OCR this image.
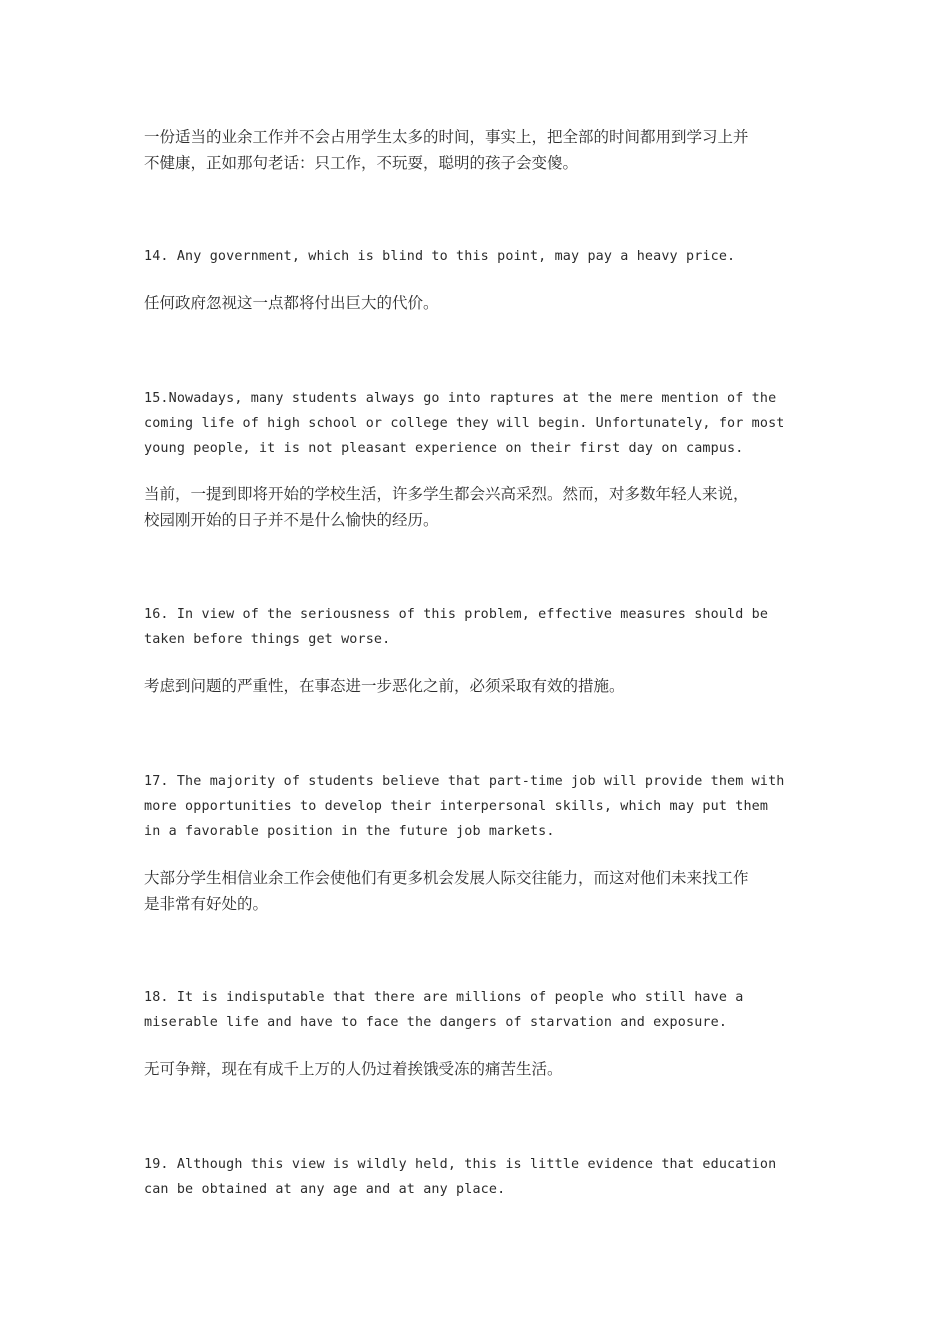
一份适当的业余工作并不会占用学生太多的时间，事实上，把全部的时间都用到学习上并
不健康，正如那句老话：只工作，不玩耍，聪明的孩子会变傻。

14. Any government, which is blind to this point, may pay a heavy price.

任何政府忽视这一点都将付出巨大的代价。

15.Nowadays, many students always go into raptures at the mere mention of the
coming life of high school or college they will begin. Unfortunately, for most
young people, it is not pleasant experience on their first day on campus.

当前，一提到即将开始的学校生活，许多学生都会兴高采烈。然而，对多数年轻人来说，
校园刚开始的日子并不是什么愉快的经历。

16. In view of the seriousness of this problem, effective measures should be
taken before things get worse.

考虑到问题的严重性，在事态进一步恶化之前，必须采取有效的措施。

17. The majority of students believe that part-time job will provide them with
more opportunities to develop their interpersonal skills, which may put them
in a favorable position in the future job markets.

大部分学生相信业余工作会使他们有更多机会发展人际交往能力，而这对他们未来找工作
是非常有好处的。

18. It is indisputable that there are millions of people who still have a
miserable life and have to face the dangers of starvation and exposure.

无可争辩，现在有成千上万的人仍过着挨饿受冻的痛苦生活。

19. Although this view is wildly held, this is little evidence that education
can be obtained at any age and at any place.
